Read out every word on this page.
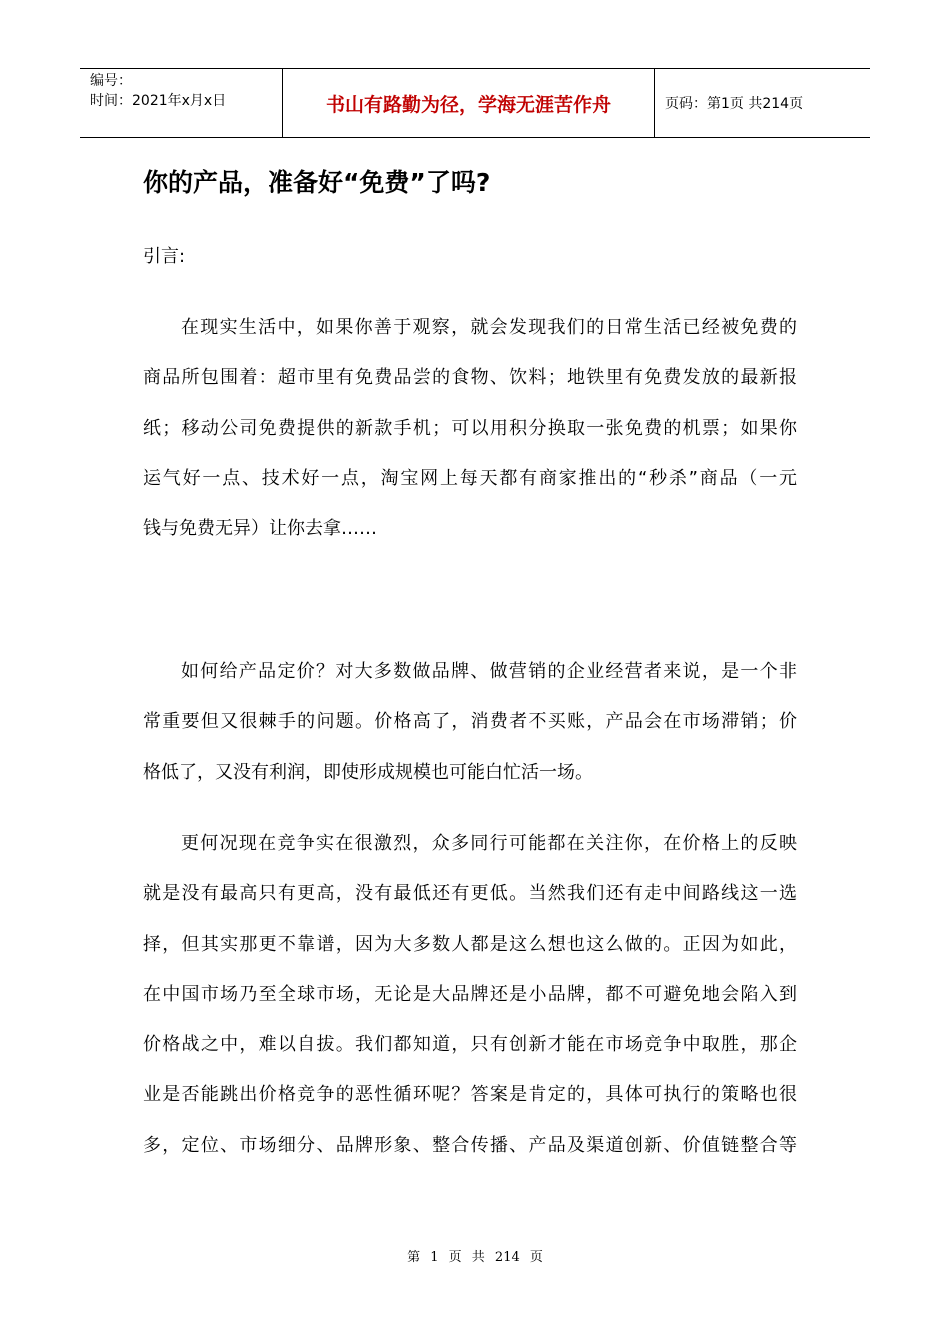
编号：
时间：2021年x月x日	书山有路勤为径，学海无涯苦作舟	页码：第1页 共214页
你的产品，准备好“免费”了吗?
引言:
在现实生活中，如果你善于观察，就会发现我们的日常生活已经被免费的
商品所包围着：超市里有免费品尝的食物、饮料；地铁里有免费发放的最新报
纸；移动公司免费提供的新款手机；可以用积分换取一张免费的机票；如果你
运气好一点、技术好一点，淘宝网上每天都有商家推出的“秒杀”商品（一元
钱与免费无异）让你去拿……
如何给产品定价？对大多数做品牌、做营销的企业经营者来说，是一个非
常重要但又很棘手的问题。价格高了，消费者不买账，产品会在市场滞销；价
格低了，又没有利润，即使形成规模也可能白忙活一场。
更何况现在竞争实在很激烈，众多同行可能都在关注你，在价格上的反映
就是没有最高只有更高，没有最低还有更低。当然我们还有走中间路线这一选
择，但其实那更不靠谱，因为大多数人都是这么想也这么做的。正因为如此，
在中国市场乃至全球市场，无论是大品牌还是小品牌，都不可避免地会陷入到
价格战之中，难以自拔。我们都知道，只有创新才能在市场竞争中取胜，那企
业是否能跳出价格竞争的恶性循环呢？答案是肯定的，具体可执行的策略也很
多，定位、市场细分、品牌形象、整合传播、产品及渠道创新、价值链整合等
第 1 页 共 214 页
